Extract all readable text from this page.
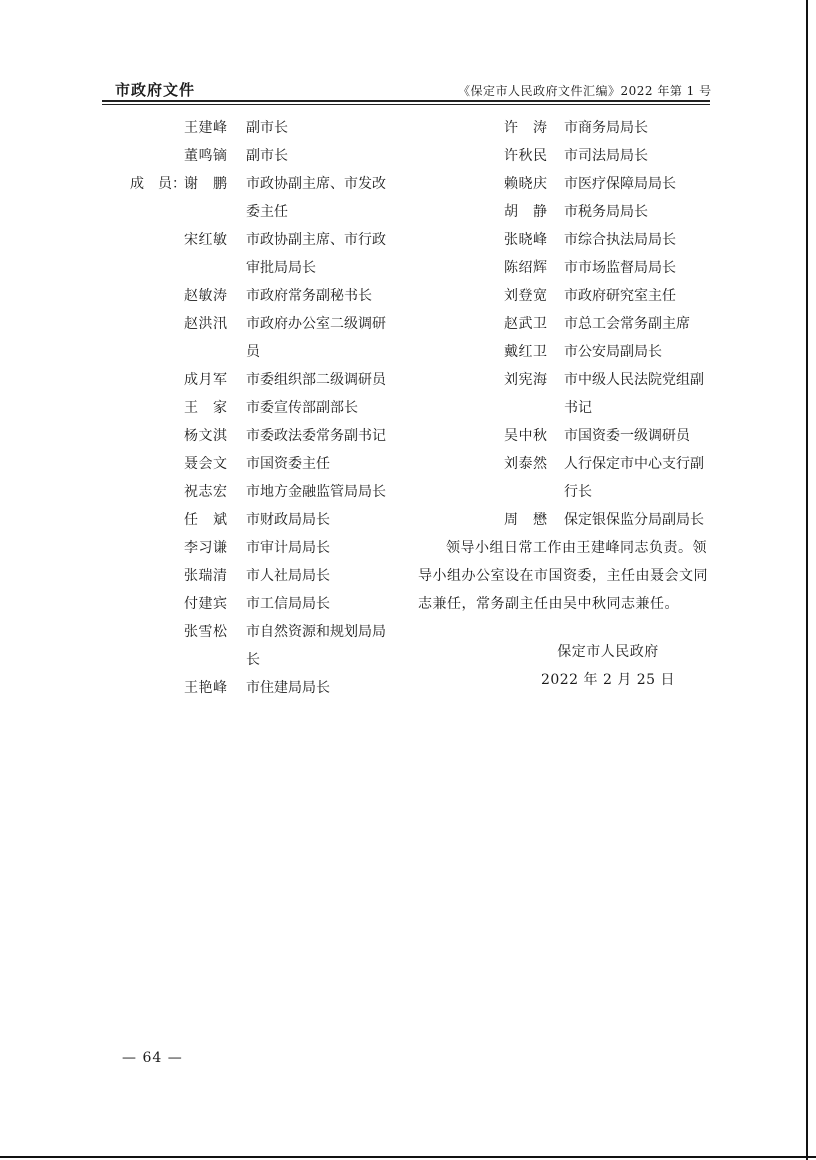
市政府文件	《保定市人民政府文件汇编》2022 年第 1 号
王建峰	副市长
董鸣镝	副市长
成　员：
谢　鹏	市政协副主席、市发改
委主任
宋红敏	市政协副主席、市行政
审批局局长
赵敏涛	市政府常务副秘书长
赵洪汛	市政府办公室二级调研
员
成月军	市委组织部二级调研员
王　家	市委宣传部副部长
杨文淇	市委政法委常务副书记
聂会文	市国资委主任
祝志宏	市地方金融监管局局长
任　斌	市财政局局长
李习谦	市审计局局长
张瑞清	市人社局局长
付建宾	市工信局局长
张雪松	市自然资源和规划局局
长
王艳峰	市住建局局长
许　涛	市商务局局长
许秋民	市司法局局长
赖晓庆	市医疗保障局局长
胡　静	市税务局局长
张晓峰	市综合执法局局长
陈绍辉	市市场监督局局长
刘登宽	市政府研究室主任
赵武卫	市总工会常务副主席
戴红卫	市公安局副局长
刘宪海	市中级人民法院党组副
书记
吴中秋	市国资委一级调研员
刘泰然	人行保定市中心支行副
行长
周　懋	保定银保监分局副局长

领导小组日常工作由王建峰同志负责。领导小组办公室设在市国资委，主任由聂会文同志兼任，常务副主任由吴中秋同志兼任。

保定市人民政府
2022 年 2 月 25 日
— 64 —
